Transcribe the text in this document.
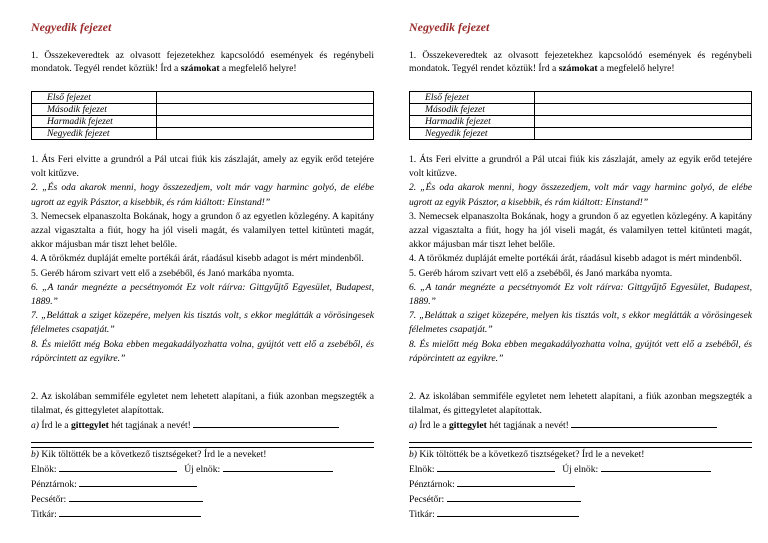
Negyedik fejezet
1. Összekeveredtek az olvasott fejezetekhez kapcsolódó események és regénybeli mondatok. Tegyél rendet köztük! Írd a számokat a megfelelő helyre!
Első fejezet	
Második fejezet	
Harmadik fejezet	
Negyedik fejezet	

1. Áts Feri elvitte a grundról a Pál utcai fiúk kis zászlaját, amely az egyik erőd tetejére volt kitűzve.

2. „És oda akarok menni, hogy összezedjem, volt már vagy harminc golyó, de elébe ugrott az egyik Pásztor, a kisebbik, és rám kiáltott: Einstand!”

3. Nemecsek elpanaszolta Bokának, hogy a grundon ő az egyetlen közlegény. A kapitány azzal vigasztalta a fiút, hogy ha jól viseli magát, és valamilyen tettel kitünteti magát, akkor májusban már tiszt lehet belőle.

4. A törökméz dupláját emelte portékái árát, ráadásul kisebb adagot is mért mindenből.

5. Geréb három szivart vett elő a zsebéből, és Janó markába nyomta.

6. „A tanár megnézte a pecsétnyomót Ez volt ráírva: Gittgyűjtő Egyesület, Budapest, 1889.”

7. „Beláttak a sziget közepére, melyen kis tisztás volt, s ekkor meglátták a vörösingesek félelmetes csapatját.”

8. És mielőtt még Boka ebben megakadályozhatta volna, gyújtót vett elő a zsebéből, és rápörcintett az egyikre.”

2. Az iskolában semmiféle egyletet nem lehetett alapítani, a fiúk azonban megszegték a tilalmat, és gittegyletet alapítottak.

a) Írd le a gittegylet hét tagjának a nevét!

b) Kik töltötték be a következő tisztségeket? Írd le a neveket!

Elnök:	Új elnök:

Pénztárnok:

Pecsétőr:

Titkár:

Negyedik fejezet
1. Összekeveredtek az olvasott fejezetekhez kapcsolódó események és regénybeli mondatok. Tegyél rendet köztük! Írd a számokat a megfelelő helyre!
Első fejezet	
Második fejezet	
Harmadik fejezet	
Negyedik fejezet	

1. Áts Feri elvitte a grundról a Pál utcai fiúk kis zászlaját, amely az egyik erőd tetejére volt kitűzve.

2. „És oda akarok menni, hogy összezedjem, volt már vagy harminc golyó, de elébe ugrott az egyik Pásztor, a kisebbik, és rám kiáltott: Einstand!”

3. Nemecsek elpanaszolta Bokának, hogy a grundon ő az egyetlen közlegény. A kapitány azzal vigasztalta a fiút, hogy ha jól viseli magát, és valamilyen tettel kitünteti magát, akkor májusban már tiszt lehet belőle.

4. A törökméz dupláját emelte portékái árát, ráadásul kisebb adagot is mért mindenből.

5. Geréb három szivart vett elő a zsebéből, és Janó markába nyomta.

6. „A tanár megnézte a pecsétnyomót Ez volt ráírva: Gittgyűjtő Egyesület, Budapest, 1889.”

7. „Beláttak a sziget közepére, melyen kis tisztás volt, s ekkor meglátták a vörösingesek félelmetes csapatját.”

8. És mielőtt még Boka ebben megakadályozhatta volna, gyújtót vett elő a zsebéből, és rápörcintett az egyikre.”

2. Az iskolában semmiféle egyletet nem lehetett alapítani, a fiúk azonban megszegték a tilalmat, és gittegyletet alapítottak.

a) Írd le a gittegylet hét tagjának a nevét!

b) Kik töltötték be a következő tisztségeket? Írd le a neveket!

Elnök:	Új elnök:

Pénztárnok:

Pecsétőr:

Titkár:
